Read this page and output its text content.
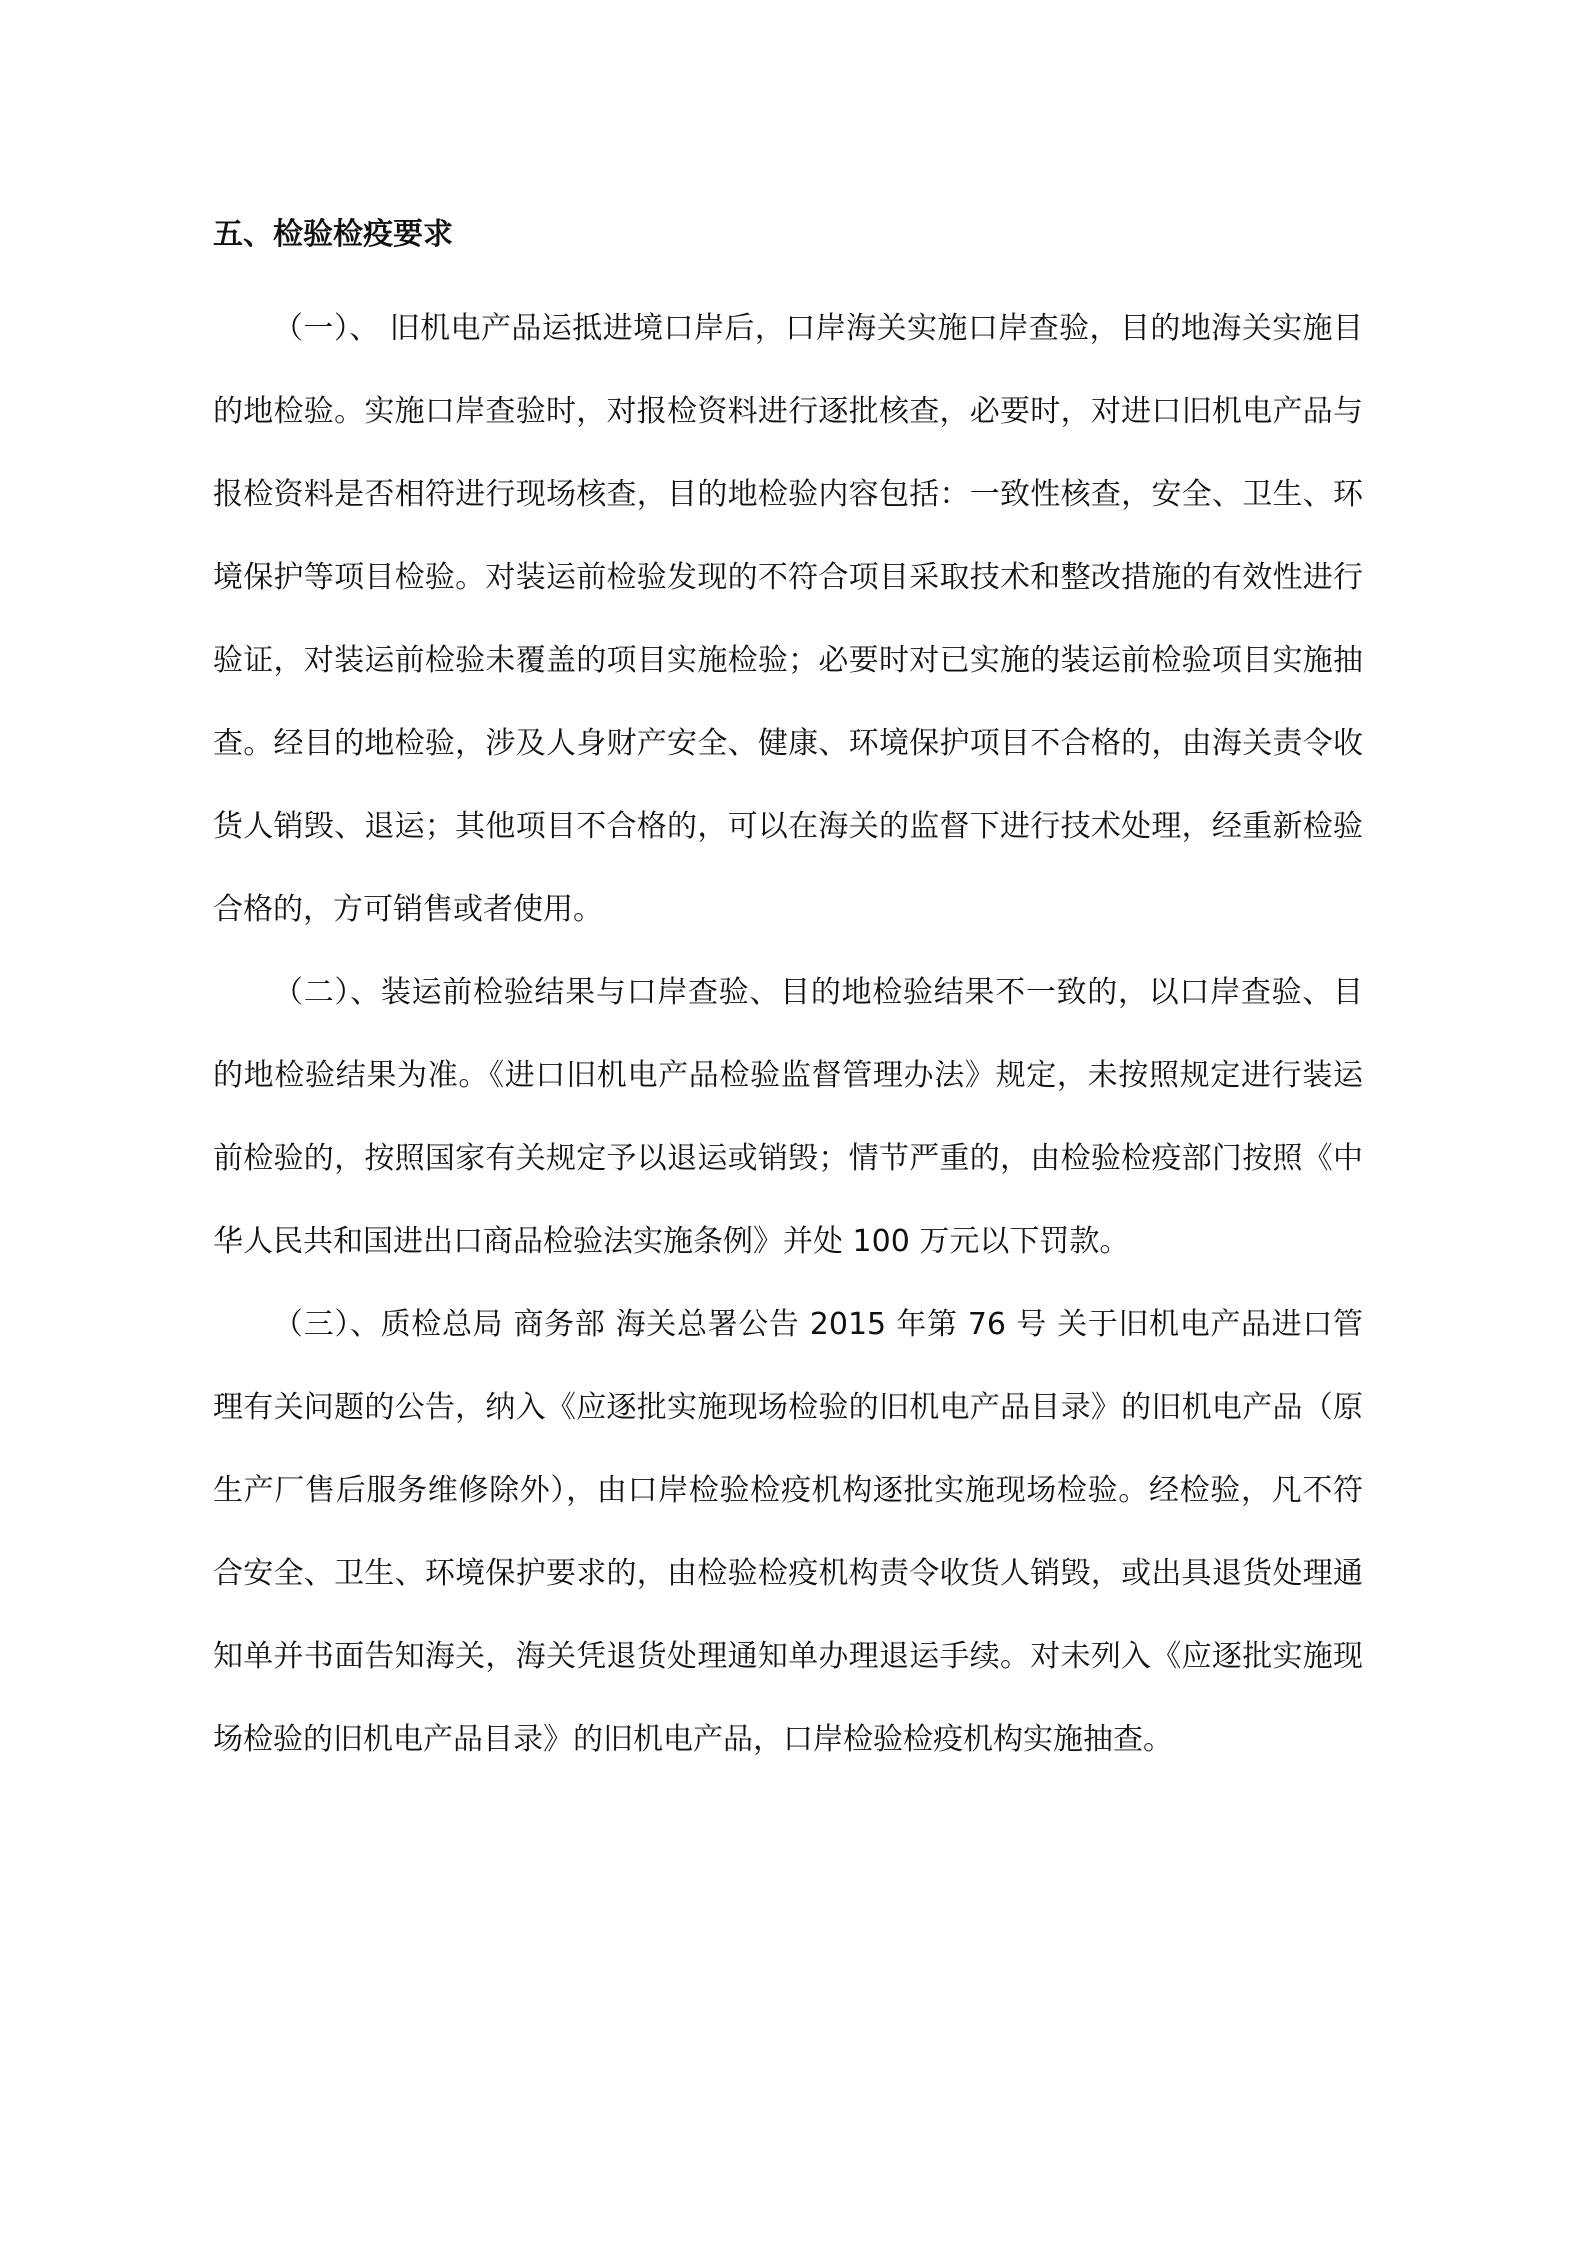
五、检验检疫要求

（一）、 旧机电产品运抵进境口岸后，口岸海关实施口岸查验，目的地海关实施目的地检验。实施口岸查验时，对报检资料进行逐批核查，必要时，对进口旧机电产品与报检资料是否相符进行现场核查，目的地检验内容包括：一致性核查，安全、卫生、环境保护等项目检验。对装运前检验发现的不符合项目采取技术和整改措施的有效性进行验证，对装运前检验未覆盖的项目实施检验；必要时对已实施的装运前检验项目实施抽查。经目的地检验，涉及人身财产安全、健康、环境保护项目不合格的，由海关责令收货人销毁、退运；其他项目不合格的，可以在海关的监督下进行技术处理，经重新检验合格的，方可销售或者使用。

（二）、装运前检验结果与口岸查验、目的地检验结果不一致的，以口岸查验、目的地检验结果为准。《进口旧机电产品检验监督管理办法》规定，未按照规定进行装运前检验的，按照国家有关规定予以退运或销毁；情节严重的，由检验检疫部门按照《中华人民共和国进出口商品检验法实施条例》并处 100 万元以下罚款。

（三）、质检总局 商务部 海关总署公告 2015 年第 76 号 关于旧机电产品进口管理有关问题的公告，纳入《应逐批实施现场检验的旧机电产品目录》的旧机电产品（原生产厂售后服务维修除外），由口岸检验检疫机构逐批实施现场检验。经检验，凡不符合安全、卫生、环境保护要求的，由检验检疫机构责令收货人销毁，或出具退货处理通知单并书面告知海关，海关凭退货处理通知单办理退运手续。对未列入《应逐批实施现场检验的旧机电产品目录》的旧机电产品，口岸检验检疫机构实施抽查。
